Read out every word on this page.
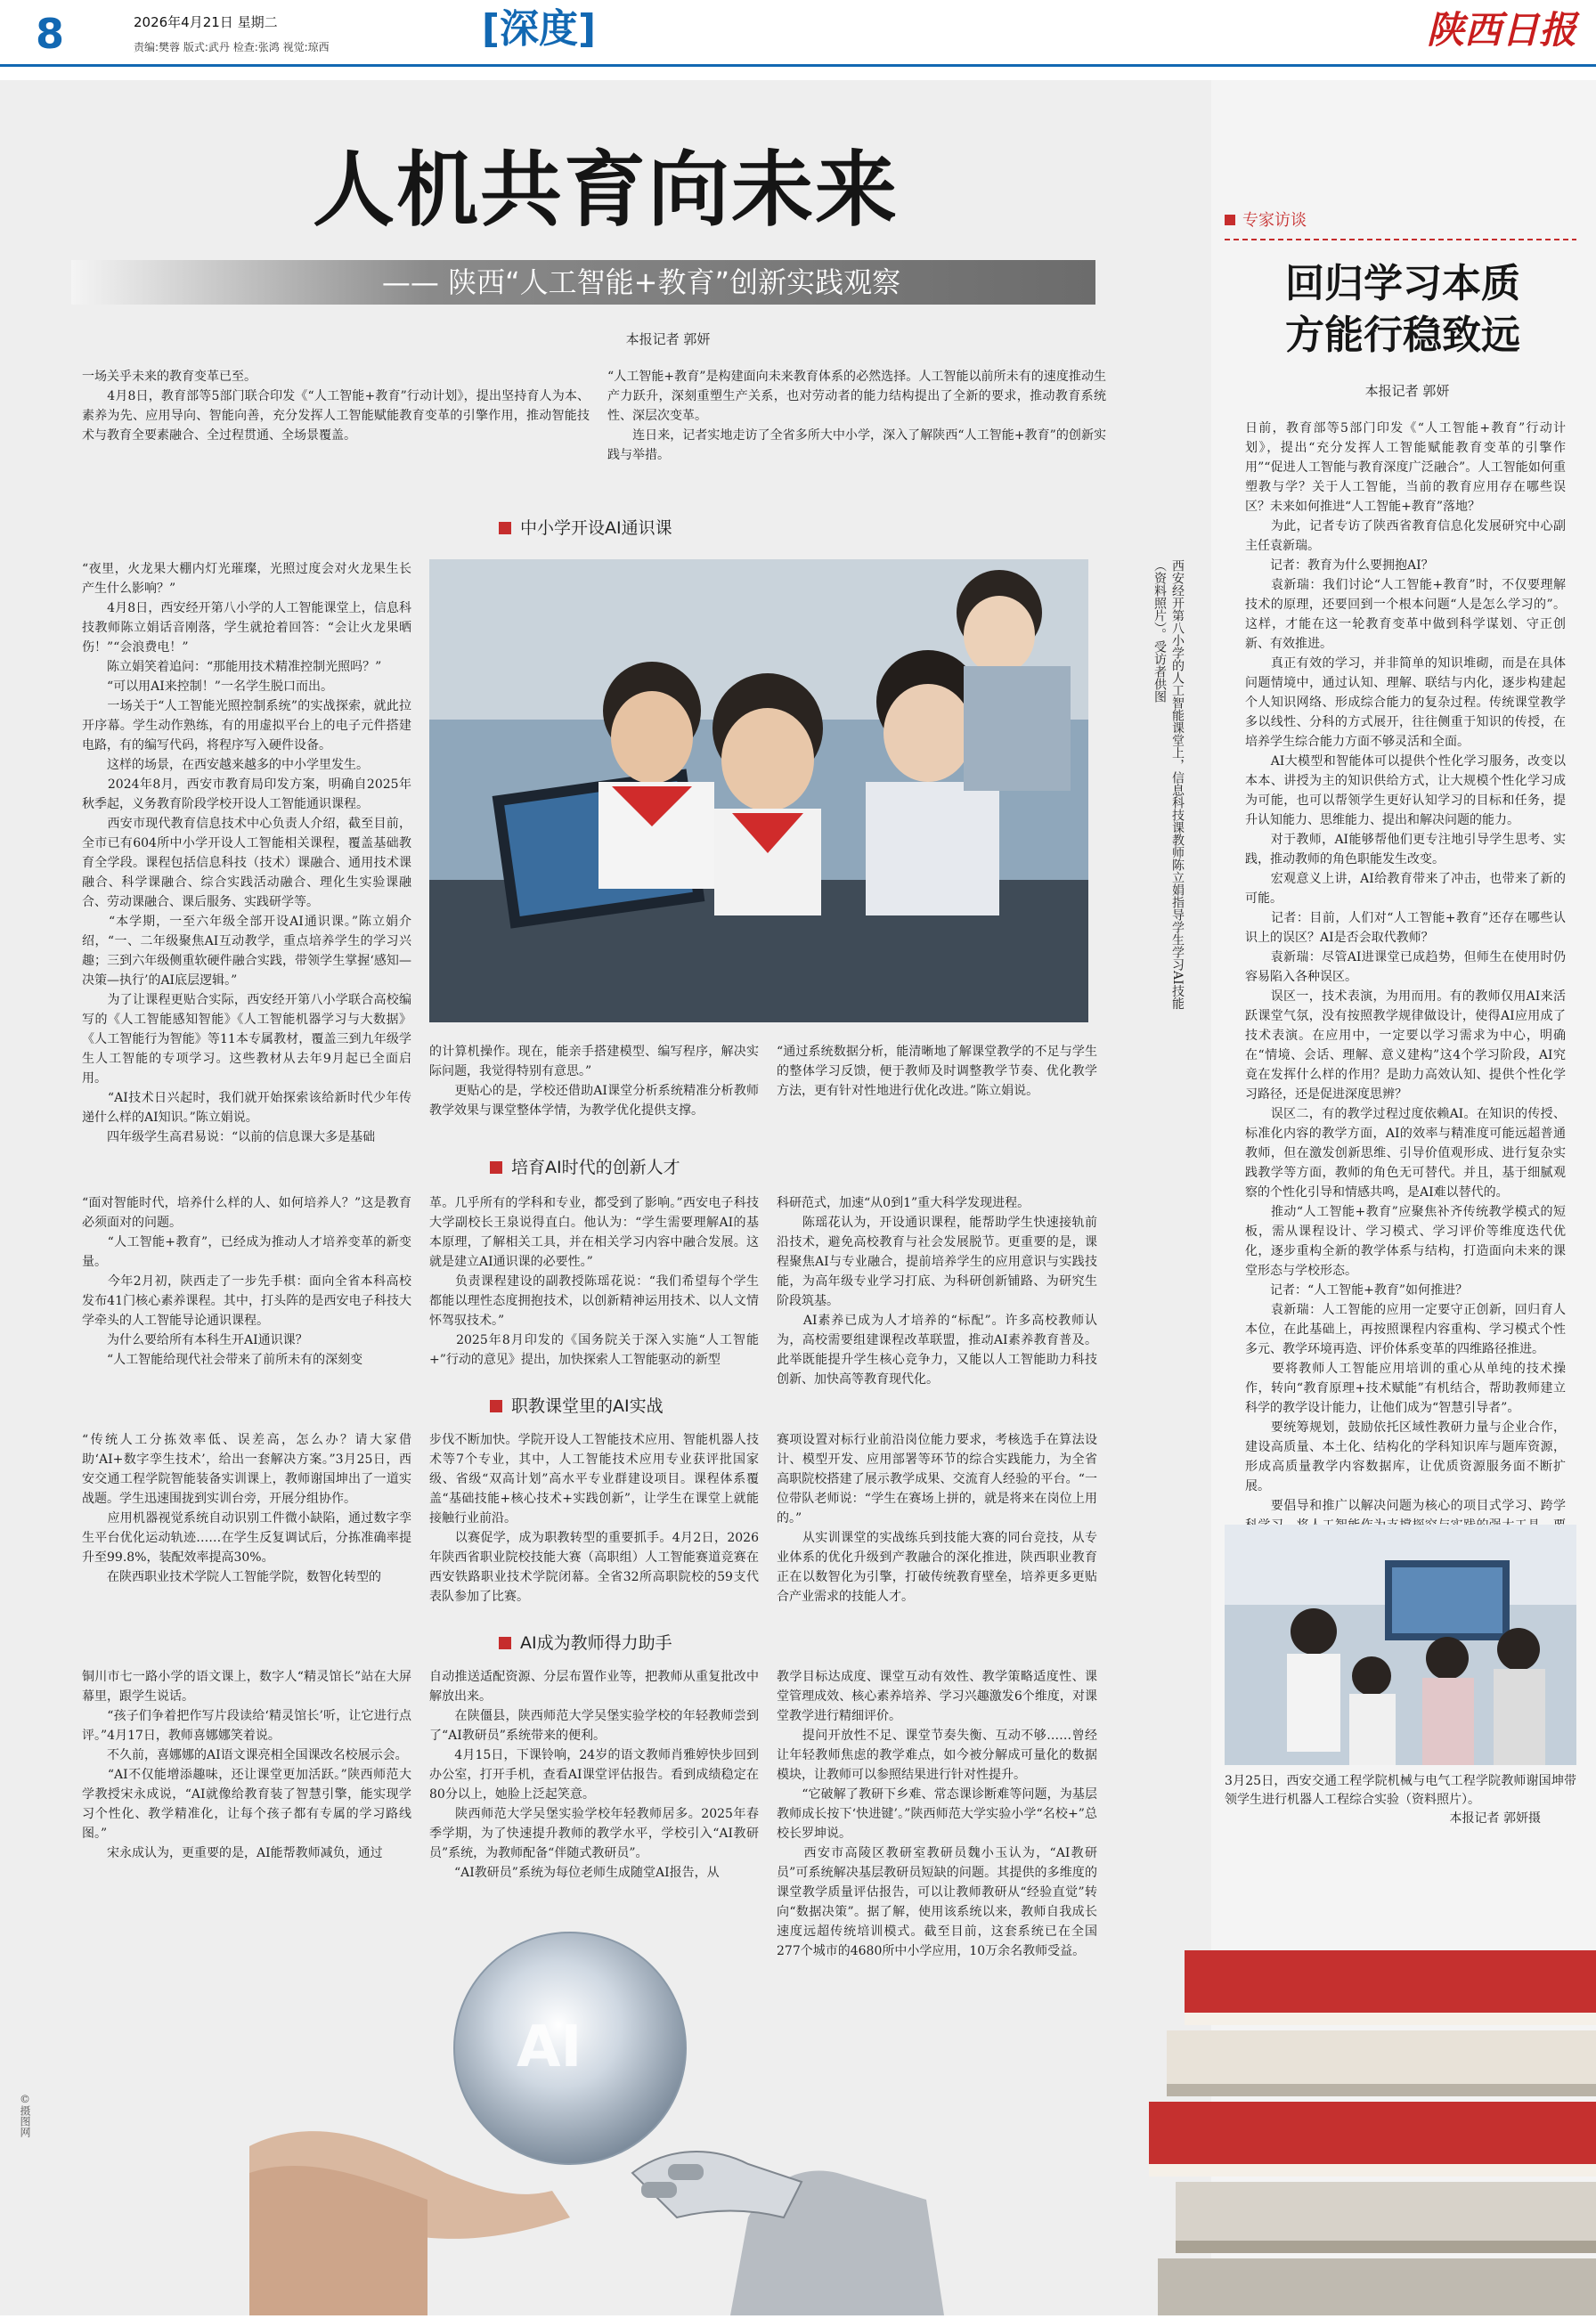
8	2026年4月21日 星期二
责编:樊蓉 版式:武丹 检查:张鸿 视觉:琼西	[深度]	陕西日报
人机共育向未来
—— 陕西“人工智能+教育”创新实践观察
本报记者 郭妍
一场关乎未来的教育变革已至。
　　4月8日，教育部等5部门联合印发《“人工智能+教育”行动计划》，提出坚持育人为本、素养为先、应用导向、智能向善，充分发挥人工智能赋能教育变革的引擎作用，推动智能技术与教育全要素融合、全过程贯通、全场景覆盖。
“人工智能+教育”是构建面向未来教育体系的必然选择。人工智能以前所未有的速度推动生产力跃升，深刻重塑生产关系，也对劳动者的能力结构提出了全新的要求，推动教育系统性、深层次变革。
　　连日来，记者实地走访了全省多所大中小学，深入了解陕西“人工智能+教育”的创新实践与举措。
中小学开设AI通识课
“夜里，火龙果大棚内灯光璀璨，光照过度会对火龙果生长产生什么影响？”
　　4月8日，西安经开第八小学的人工智能课堂上，信息科技教师陈立娟话音刚落，学生就抢着回答：“会让火龙果晒伤！”“会浪费电！”
　　陈立娟笑着追问：“那能用技术精准控制光照吗？”
　　“可以用AI来控制！”一名学生脱口而出。
　　一场关于“人工智能光照控制系统”的实战探索，就此拉开序幕。学生动作熟练，有的用虚拟平台上的电子元件搭建电路，有的编写代码，将程序写入硬件设备。
　　这样的场景，在西安越来越多的中小学里发生。
　　2024年8月，西安市教育局印发方案，明确自2025年秋季起，义务教育阶段学校开设人工智能通识课程。
　　西安市现代教育信息技术中心负责人介绍，截至目前，全市已有604所中小学开设人工智能相关课程，覆盖基础教育全学段。课程包括信息科技（技术）课融合、通用技术课融合、科学课融合、综合实践活动融合、理化生实验课融合、劳动课融合、课后服务、实践研学等。
　　“本学期，一至六年级全部开设AI通识课。”陈立娟介绍，“一、二年级聚焦AI互动教学，重点培养学生的学习兴趣；三到六年级侧重软硬件融合实践，带领学生掌握‘感知—决策—执行’的AI底层逻辑。”
　　为了让课程更贴合实际，西安经开第八小学联合高校编写的《人工智能感知智能》《人工智能机器学习与大数据》《人工智能行为智能》等11本专属教材，覆盖三到九年级学生人工智能的专项学习。这些教材从去年9月起已全面启用。
　　“AI技术日兴起时，我们就开始探索该给新时代少年传递什么样的AI知识。”陈立娟说。
　　四年级学生高君易说：“以前的信息课大多是基础
西安经开第八小学的人工智能课堂上，信息科技课教师陈立娟指导学生学习AI技能（资料照片）。受访者供图
的计算机操作。现在，能亲手搭建模型、编写程序，解决实际问题，我觉得特别有意思。”
　　更贴心的是，学校还借助AI课堂分析系统精准分析教师教学效果与课堂整体学情，为教学优化提供支撑。
“通过系统数据分析，能清晰地了解课堂教学的不足与学生的整体学习反馈，便于教师及时调整教学节奏、优化教学方法，更有针对性地进行优化改进。”陈立娟说。
培育AI时代的创新人才
“面对智能时代，培养什么样的人、如何培养人？”这是教育必须面对的问题。
　　“人工智能+教育”，已经成为推动人才培养变革的新变量。
　　今年2月初，陕西走了一步先手棋：面向全省本科高校发布41门核心素养课程。其中，打头阵的是西安电子科技大学牵头的人工智能导论通识课程。
　　为什么要给所有本科生开AI通识课？
　　“人工智能给现代社会带来了前所未有的深刻变
革。几乎所有的学科和专业，都受到了影响。”西安电子科技大学副校长王泉说得直白。他认为：“学生需要理解AI的基本原理，了解相关工具，并在相关学习内容中融合发展。这就是建立AI通识课的必要性。”
　　负责课程建设的副教授陈瑶花说：“我们希望每个学生都能以理性态度拥抱技术，以创新精神运用技术、以人文情怀驾驭技术。”
　　2025年8月印发的《国务院关于深入实施“人工智能+”行动的意见》提出，加快探索人工智能驱动的新型
科研范式，加速“从0到1”重大科学发现进程。
　　陈瑶花认为，开设通识课程，能帮助学生快速接轨前沿技术，避免高校教育与社会发展脱节。更重要的是，课程聚焦AI与专业融合，提前培养学生的应用意识与实践技能，为高年级专业学习打底、为科研创新铺路、为研究生阶段筑基。
　　AI素养已成为人才培养的“标配”。许多高校教师认为，高校需要组建课程改革联盟，推动AI素养教育普及。此举既能提升学生核心竞争力，又能以人工智能助力科技创新、加快高等教育现代化。
职教课堂里的AI实战
“传统人工分拣效率低、误差高，怎么办？请大家借助‘AI+数字孪生技术’，给出一套解决方案。”3月25日，西安交通工程学院智能装备实训课上，教师谢国坤出了一道实战题。学生迅速围拢到实训台旁，开展分组协作。
　　应用机器视觉系统自动识别工件微小缺陷，通过数字孪生平台优化运动轨迹……在学生反复调试后，分拣准确率提升至99.8%，装配效率提高30%。
　　在陕西职业技术学院人工智能学院，数智化转型的
步伐不断加快。学院开设人工智能技术应用、智能机器人技术等7个专业，其中，人工智能技术应用专业获评批国家级、省级“双高计划”高水平专业群建设项目。课程体系覆盖“基础技能+核心技术+实践创新”，让学生在课堂上就能接触行业前沿。
　　以赛促学，成为职教转型的重要抓手。4月2日，2026年陕西省职业院校技能大赛（高职组）人工智能赛道竞赛在西安铁路职业技术学院闭幕。全省32所高职院校的59支代表队参加了比赛。
赛项设置对标行业前沿岗位能力要求，考核选手在算法设计、模型开发、应用部署等环节的综合实践能力，为全省高职院校搭建了展示教学成果、交流育人经验的平台。“一位带队老师说：“学生在赛场上拼的，就是将来在岗位上用的。”
　　从实训课堂的实战练兵到技能大赛的同台竞技，从专业体系的优化升级到产教融合的深化推进，陕西职业教育正在以数智化为引擎，打破传统教育壁垒，培养更多更贴合产业需求的技能人才。
AI成为教师得力助手
铜川市七一路小学的语文课上，数字人“精灵馆长”站在大屏幕里，跟学生说话。
　　“孩子们争着把作写片段读给‘精灵馆长’听，让它进行点评。”4月17日，教师喜娜娜笑着说。
　　不久前，喜娜娜的AI语文课亮相全国课改名校展示会。
　　“AI不仅能增添趣味，还让课堂更加活跃。”陕西师范大学教授宋永成说，“AI就像给教育装了智慧引擎，能实现学习个性化、教学精准化，让每个孩子都有专属的学习路线图。”
　　宋永成认为，更重要的是，AI能帮教师减负，通过
自动推送适配资源、分层布置作业等，把教师从重复批改中解放出来。
　　在陕僵县，陕西师范大学吴堡实验学校的年轻教师尝到了“AI教研员”系统带来的便利。
　　4月15日，下课铃响，24岁的语文教师肖雅婷快步回到办公室，打开手机，查看AI课堂评估报告。看到成绩稳定在80分以上，她脸上泛起笑意。
　　陕西师范大学吴堡实验学校年轻教师居多。2025年春季学期，为了快速提升教师的教学水平，学校引入“AI教研员”系统，为教师配备“伴随式教研员”。
　　“AI教研员”系统为每位老师生成随堂AI报告，从
教学目标达成度、课堂互动有效性、教学策略适度性、课堂管理成效、核心素养培养、学习兴趣激发6个维度，对课堂教学进行精细评价。
　　提问开放性不足、课堂节奏失衡、互动不够……曾经让年轻教师焦虑的教学难点，如今被分解成可量化的数据模块，让教师可以参照结果进行针对性提升。
　　“它破解了教研下乡难、常态课诊断难等问题，为基层教师成长按下‘快进键’。”陕西师范大学实验小学“名校+”总校长罗坤说。
　　西安市高陵区教研室教研员魏小玉认为，“AI教研员”可系统解决基层教研员短缺的问题。其提供的多维度的课堂教学质量评估报告，可以让教师教研从“经验直觉”转向“数据决策”。据了解，使用该系统以来，教师自我成长速度远超传统培训模式。截至目前，这套系统已在全国277个城市的4680所中小学应用，10万余名教师受益。
AI
©摄图网
专家访谈
回归学习本质
方能行稳致远
本报记者 郭妍
日前，教育部等5部门印发《“人工智能+教育”行动计划》，提出“充分发挥人工智能赋能教育变革的引擎作用”“促进人工智能与教育深度广泛融合”。人工智能如何重塑教与学？关于人工智能，当前的教育应用存在哪些误区？未来如何推进“人工智能+教育”落地？
　　为此，记者专访了陕西省教育信息化发展研究中心副主任袁新瑞。
　　记者：教育为什么要拥抱AI？
　　袁新瑞：我们讨论“人工智能+教育”时，不仅要理解技术的原理，还要回到一个根本问题“人是怎么学习的”。这样，才能在这一轮教育变革中做到科学谋划、守正创新、有效推进。
　　真正有效的学习，并非简单的知识堆砌，而是在具体问题情境中，通过认知、理解、联结与内化，逐步构建起个人知识网络、形成综合能力的复杂过程。传统课堂教学多以线性、分科的方式展开，往往侧重于知识的传授，在培养学生综合能力方面不够灵活和全面。
　　AI大模型和智能体可以提供个性化学习服务，改变以本本、讲授为主的知识供给方式，让大规模个性化学习成为可能，也可以帮领学生更好认知学习的目标和任务，提升认知能力、思维能力、提出和解决问题的能力。
　　对于教师，AI能够帮他们更专注地引导学生思考、实践，推动教师的角色职能发生改变。
　　宏观意义上讲，AI给教育带来了冲击，也带来了新的可能。
　　记者：目前，人们对“人工智能+教育”还存在哪些认识上的误区？AI是否会取代教师？
　　袁新瑞：尽管AI进课堂已成趋势，但师生在使用时仍容易陷入各种误区。
　　误区一，技术表演，为用而用。有的教师仅用AI来活跃课堂气氛，没有按照教学规律做设计，使得AI应用成了技术表演。在应用中，一定要以学习需求为中心，明确在“情境、会话、理解、意义建构”这4个学习阶段，AI究竟在发挥什么样的作用？是助力高效认知、提供个性化学习路径，还是促进深度思辨？
　　误区二，有的教学过程过度依赖AI。在知识的传授、标准化内容的教学方面，AI的效率与精准度可能远超普通教师，但在激发创新思维、引导价值观形成、进行复杂实践教学等方面，教师的角色无可替代。并且，基于细腻观察的个性化引导和情感共鸣，是AI难以替代的。
　　推动“人工智能+教育”应聚焦补齐传统教学模式的短板，需从课程设计、学习模式、学习评价等维度迭代优化，逐步重构全新的教学体系与结构，打造面向未来的课堂形态与学校形态。
　　记者：“人工智能+教育”如何推进？
　　袁新瑞：人工智能的应用一定要守正创新，回归育人本位，在此基础上，再按照课程内容重构、学习模式个性多元、教学环境再造、评价体系变革的四维路径推进。
　　要将教师人工智能应用培训的重心从单纯的技术操作，转向“教育原理+技术赋能”有机结合，帮助教师建立科学的教学设计能力，让他们成为“智慧引导者”。
　　要统筹规划，鼓励依托区域性教研力量与企业合作，建设高质量、本土化、结构化的学科知识库与题库资源，形成高质量教学内容数据库，让优质资源服务面不断扩展。
　　要倡导和推广以解决问题为核心的项目式学习、跨学
3月25日，西安交通工程学院机械与电气工程学院教师谢国坤带领学生进行机器人工程综合实验（资料照片）。
本报记者 郭妍摄
